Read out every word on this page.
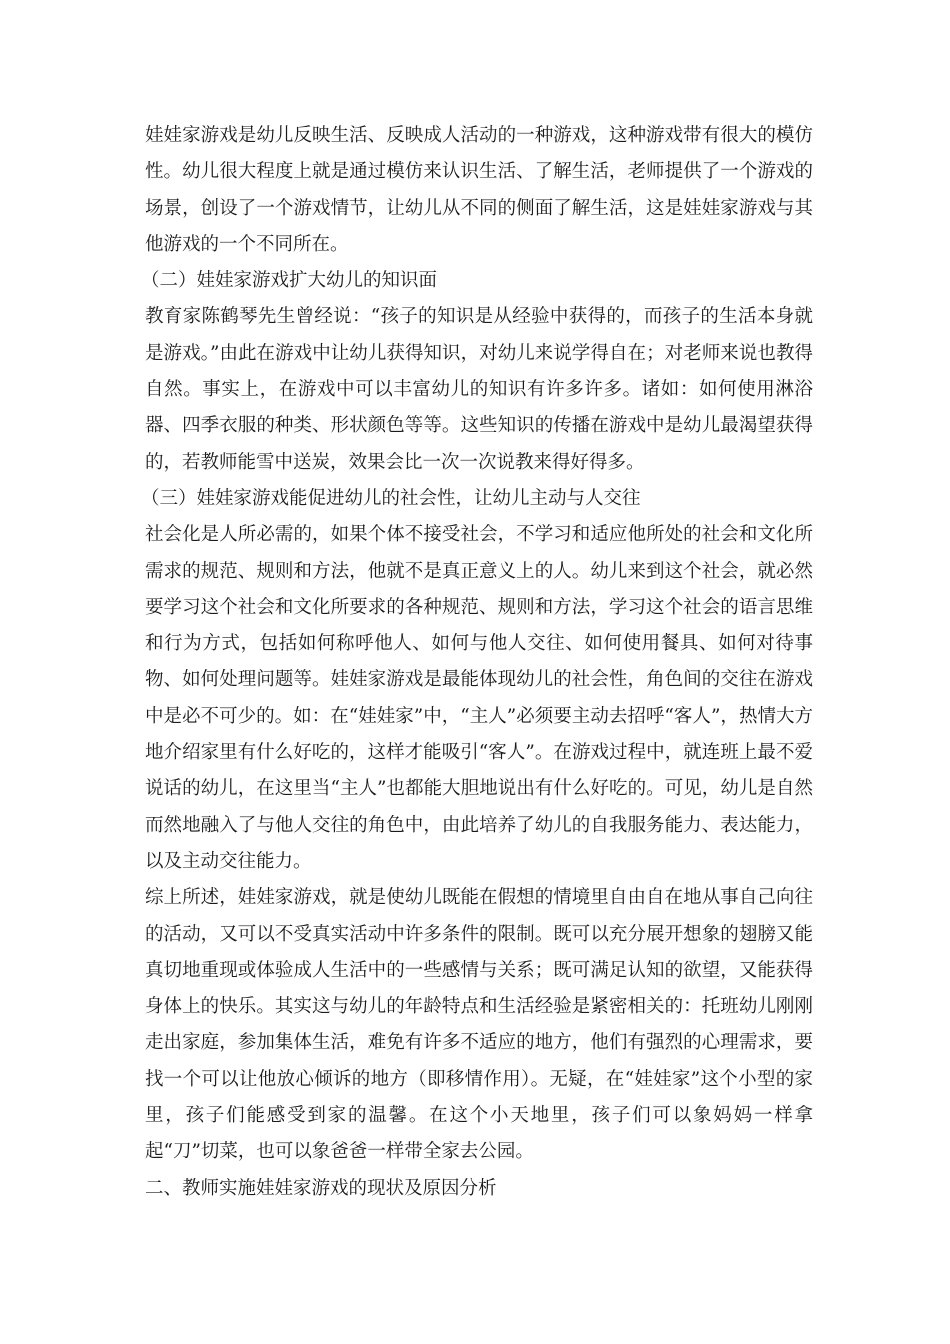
娃娃家游戏是幼儿反映生活、反映成人活动的一种游戏，这种游戏带有很大的模仿性。幼儿很大程度上就是通过模仿来认识生活、了解生活，老师提供了一个游戏的场景，创设了一个游戏情节，让幼儿从不同的侧面了解生活，这是娃娃家游戏与其他游戏的一个不同所在。

（二）娃娃家游戏扩大幼儿的知识面

教育家陈鹤琴先生曾经说：“孩子的知识是从经验中获得的，而孩子的生活本身就是游戏。”由此在游戏中让幼儿获得知识，对幼儿来说学得自在；对老师来说也教得自然。事实上，在游戏中可以丰富幼儿的知识有许多许多。诸如：如何使用淋浴器、四季衣服的种类、形状颜色等等。这些知识的传播在游戏中是幼儿最渴望获得的，若教师能雪中送炭，效果会比一次一次说教来得好得多。

（三）娃娃家游戏能促进幼儿的社会性，让幼儿主动与人交往

社会化是人所必需的，如果个体不接受社会，不学习和适应他所处的社会和文化所需求的规范、规则和方法，他就不是真正意义上的人。幼儿来到这个社会，就必然要学习这个社会和文化所要求的各种规范、规则和方法，学习这个社会的语言思维和行为方式，包括如何称呼他人、如何与他人交往、如何使用餐具、如何对待事物、如何处理问题等。娃娃家游戏是最能体现幼儿的社会性，角色间的交往在游戏中是必不可少的。如：在“娃娃家”中，“主人”必须要主动去招呼“客人”，热情大方地介绍家里有什么好吃的，这样才能吸引“客人”。在游戏过程中，就连班上最不爱说话的幼儿，在这里当“主人”也都能大胆地说出有什么好吃的。可见，幼儿是自然而然地融入了与他人交往的角色中，由此培养了幼儿的自我服务能力、表达能力，以及主动交往能力。

综上所述，娃娃家游戏，就是使幼儿既能在假想的情境里自由自在地从事自己向往的活动，又可以不受真实活动中许多条件的限制。既可以充分展开想象的翅膀又能真切地重现或体验成人生活中的一些感情与关系；既可满足认知的欲望，又能获得身体上的快乐。其实这与幼儿的年龄特点和生活经验是紧密相关的：托班幼儿刚刚走出家庭，参加集体生活，难免有许多不适应的地方，他们有强烈的心理需求，要找一个可以让他放心倾诉的地方（即移情作用）。无疑，在“娃娃家”这个小型的家里，孩子们能感受到家的温馨。在这个小天地里，孩子们可以象妈妈一样拿起“刀”切菜，也可以象爸爸一样带全家去公园。

二、教师实施娃娃家游戏的现状及原因分析
